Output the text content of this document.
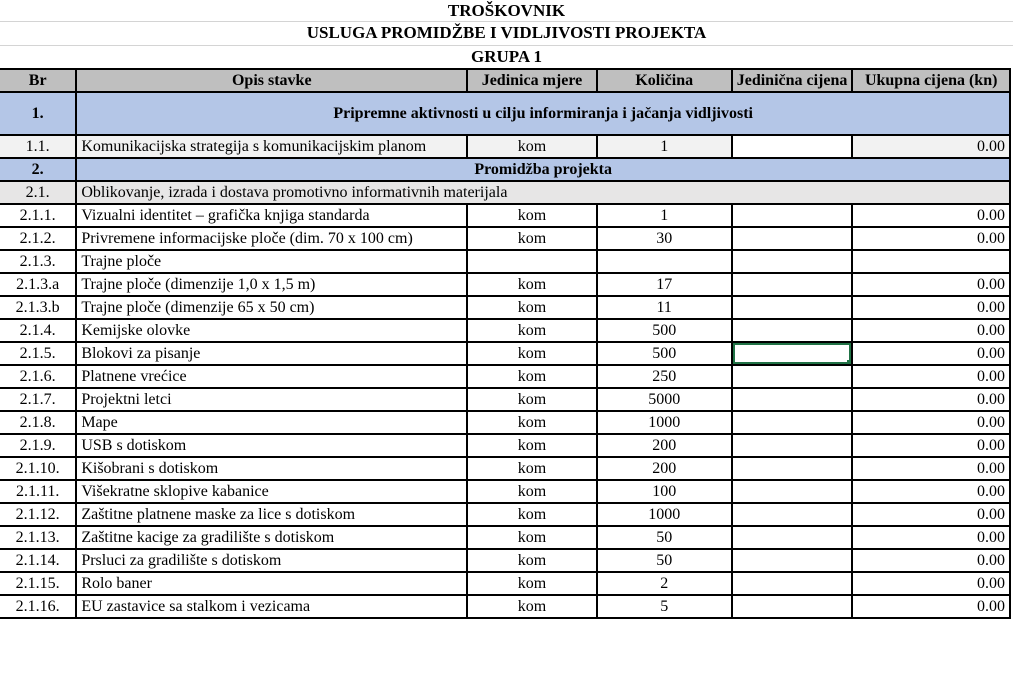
TROŠKOVNIK
USLUGA PROMIDŽBE I VIDLJIVOSTI PROJEKTA
GRUPA 1
Br	Opis stavke	Jedinica mjere	Količina	Jedinična cijena	Ukupna cijena (kn)
1.	Pripremne aktivnosti u cilju informiranja i jačanja vidljivosti				
1.1.	Komunikacijska strategija s komunikacijskim planom	kom	1		0.00
2.	Promidžba projekta				
2.1.	Oblikovanje, izrada i dostava promotivno informativnih materijala				
2.1.1.	Vizualni identitet – grafička knjiga standarda	kom	1		0.00
2.1.2.	Privremene informacijske ploče (dim. 70 x 100 cm)	kom	30		0.00
2.1.3.	Trajne ploče				
2.1.3.a	Trajne ploče (dimenzije 1,0 x 1,5 m)	kom	17		0.00
2.1.3.b	Trajne ploče (dimenzije 65 x 50 cm)	kom	11		0.00
2.1.4.	Kemijske olovke	kom	500		0.00
2.1.5.	Blokovi za pisanje	kom	500		0.00
2.1.6.	Platnene vrećice	kom	250		0.00
2.1.7.	Projektni letci	kom	5000		0.00
2.1.8.	Mape	kom	1000		0.00
2.1.9.	USB s dotiskom	kom	200		0.00
2.1.10.	Kišobrani s dotiskom	kom	200		0.00
2.1.11.	Višekratne sklopive kabanice	kom	100		0.00
2.1.12.	Zaštitne platnene maske za lice s dotiskom	kom	1000		0.00
2.1.13.	Zaštitne kacige za gradilište s dotiskom	kom	50		0.00
2.1.14.	Prsluci za gradilište s dotiskom	kom	50		0.00
2.1.15.	Rolo baner	kom	2		0.00
2.1.16.	EU zastavice sa stalkom i vezicama	kom	5		0.00
